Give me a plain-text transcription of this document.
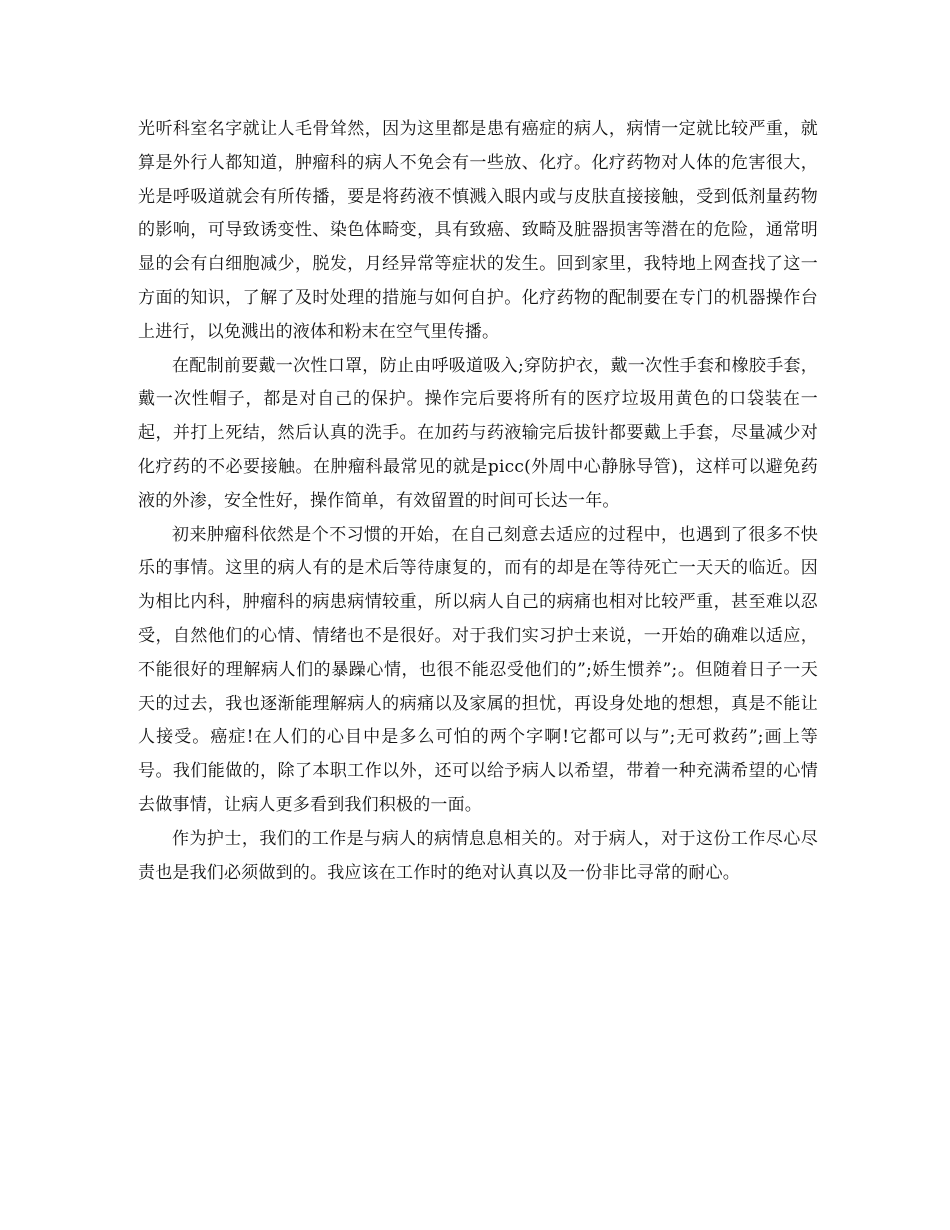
光听科室名字就让人毛骨耸然，因为这里都是患有癌症的病人，病情一定就比较严重，就算是外行人都知道，肿瘤科的病人不免会有一些放、化疗。化疗药物对人体的危害很大，光是呼吸道就会有所传播，要是将药液不慎溅入眼内或与皮肤直接接触，受到低剂量药物的影响，可导致诱变性、染色体畸变，具有致癌、致畸及脏器损害等潜在的危险，通常明显的会有白细胞减少，脱发，月经异常等症状的发生。回到家里，我特地上网查找了这一方面的知识，了解了及时处理的措施与如何自护。化疗药物的配制要在专门的机器操作台上进行，以免溅出的液体和粉末在空气里传播。

在配制前要戴一次性口罩，防止由呼吸道吸入;穿防护衣，戴一次性手套和橡胶手套，戴一次性帽子，都是对自己的保护。操作完后要将所有的医疗垃圾用黄色的口袋装在一起，并打上死结，然后认真的洗手。在加药与药液输完后拔针都要戴上手套，尽量减少对化疗药的不必要接触。在肿瘤科最常见的就是picc(外周中心静脉导管)，这样可以避免药液的外渗，安全性好，操作简单，有效留置的时间可长达一年。

初来肿瘤科依然是个不习惯的开始，在自己刻意去适应的过程中，也遇到了很多不快乐的事情。这里的病人有的是术后等待康复的，而有的却是在等待死亡一天天的临近。因为相比内科，肿瘤科的病患病情较重，所以病人自己的病痛也相对比较严重，甚至难以忍受，自然他们的心情、情绪也不是很好。对于我们实习护士来说，一开始的确难以适应，不能很好的理解病人们的暴躁心情，也很不能忍受他们的”;娇生惯养”;。但随着日子一天天的过去，我也逐渐能理解病人的病痛以及家属的担忧，再设身处地的想想，真是不能让人接受。癌症!在人们的心目中是多么可怕的两个字啊!它都可以与”;无可救药”;画上等号。我们能做的，除了本职工作以外，还可以给予病人以希望，带着一种充满希望的心情去做事情，让病人更多看到我们积极的一面。

作为护士，我们的工作是与病人的病情息息相关的。对于病人，对于这份工作尽心尽责也是我们必须做到的。我应该在工作时的绝对认真以及一份非比寻常的耐心。
